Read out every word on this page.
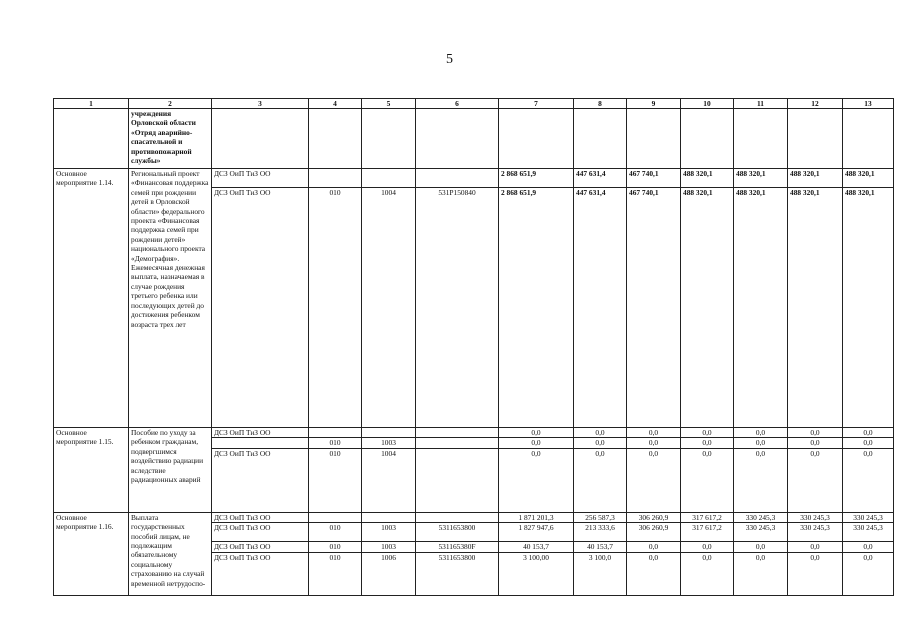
5
1	2	3	4	5	6	7	8	9	10	11	12	13
	учреждения Орловской области «Отряд аварийно-спасательной и противопожарной службы»											
Основное мероприятие 1.14.	Региональный проект «Финансовая поддержка семей при рождении детей в Орловской области» федерального проекта «Финансовая поддержка семей при рождении детей» национального проекта «Демография». Ежемесячная денежная выплата, назначаемая в случае рождения третьего ребенка или последующих детей до достижения ребенком возраста трех лет	ДСЗ ОиП ТиЗ ОО				2 868 651,9	447 631,4	467 740,1	488 320,1	488 320,1	488 320,1	488 320,1
		ДСЗ ОиП ТиЗ ОО	010	1004	531Р150840	2 868 651,9	447 631,4	467 740,1	488 320,1	488 320,1	488 320,1	488 320,1
Основное мероприятие 1.15.	Пособие по уходу за ребенком гражданам, подвергшимся воздействию радиации вследствие радиационных аварий	ДСЗ ОиП ТиЗ ОО				0,0	0,0	0,0	0,0	0,0	0,0	0,0
			010	1003		0,0	0,0	0,0	0,0	0,0	0,0	0,0
		ДСЗ ОиП ТиЗ ОО	010	1004		0,0	0,0	0,0	0,0	0,0	0,0	0,0
Основное мероприятие 1.16.	Выплата государственных пособий лицам, не подлежащим обязательному социальному страхованию на случай временной нетрудоспо-	ДСЗ ОиП ТиЗ ОО				1 871 201,3	256 587,3	306 260,9	317 617,2	330 245,3	330 245,3	330 245,3
		ДСЗ ОиП ТиЗ ОО	010	1003	5311653800	1 827 947,6	213 333,6	306 260,9	317 617,2	330 245,3	330 245,3	330 245,3
		ДСЗ ОиП ТиЗ ОО	010	1003	531165380F	40 153,7	40 153,7	0,0	0,0	0,0	0,0	0,0
		ДСЗ ОиП ТиЗ ОО	010	1006	5311653800	3 100,00	3 100,0	0,0	0,0	0,0	0,0	0,0
